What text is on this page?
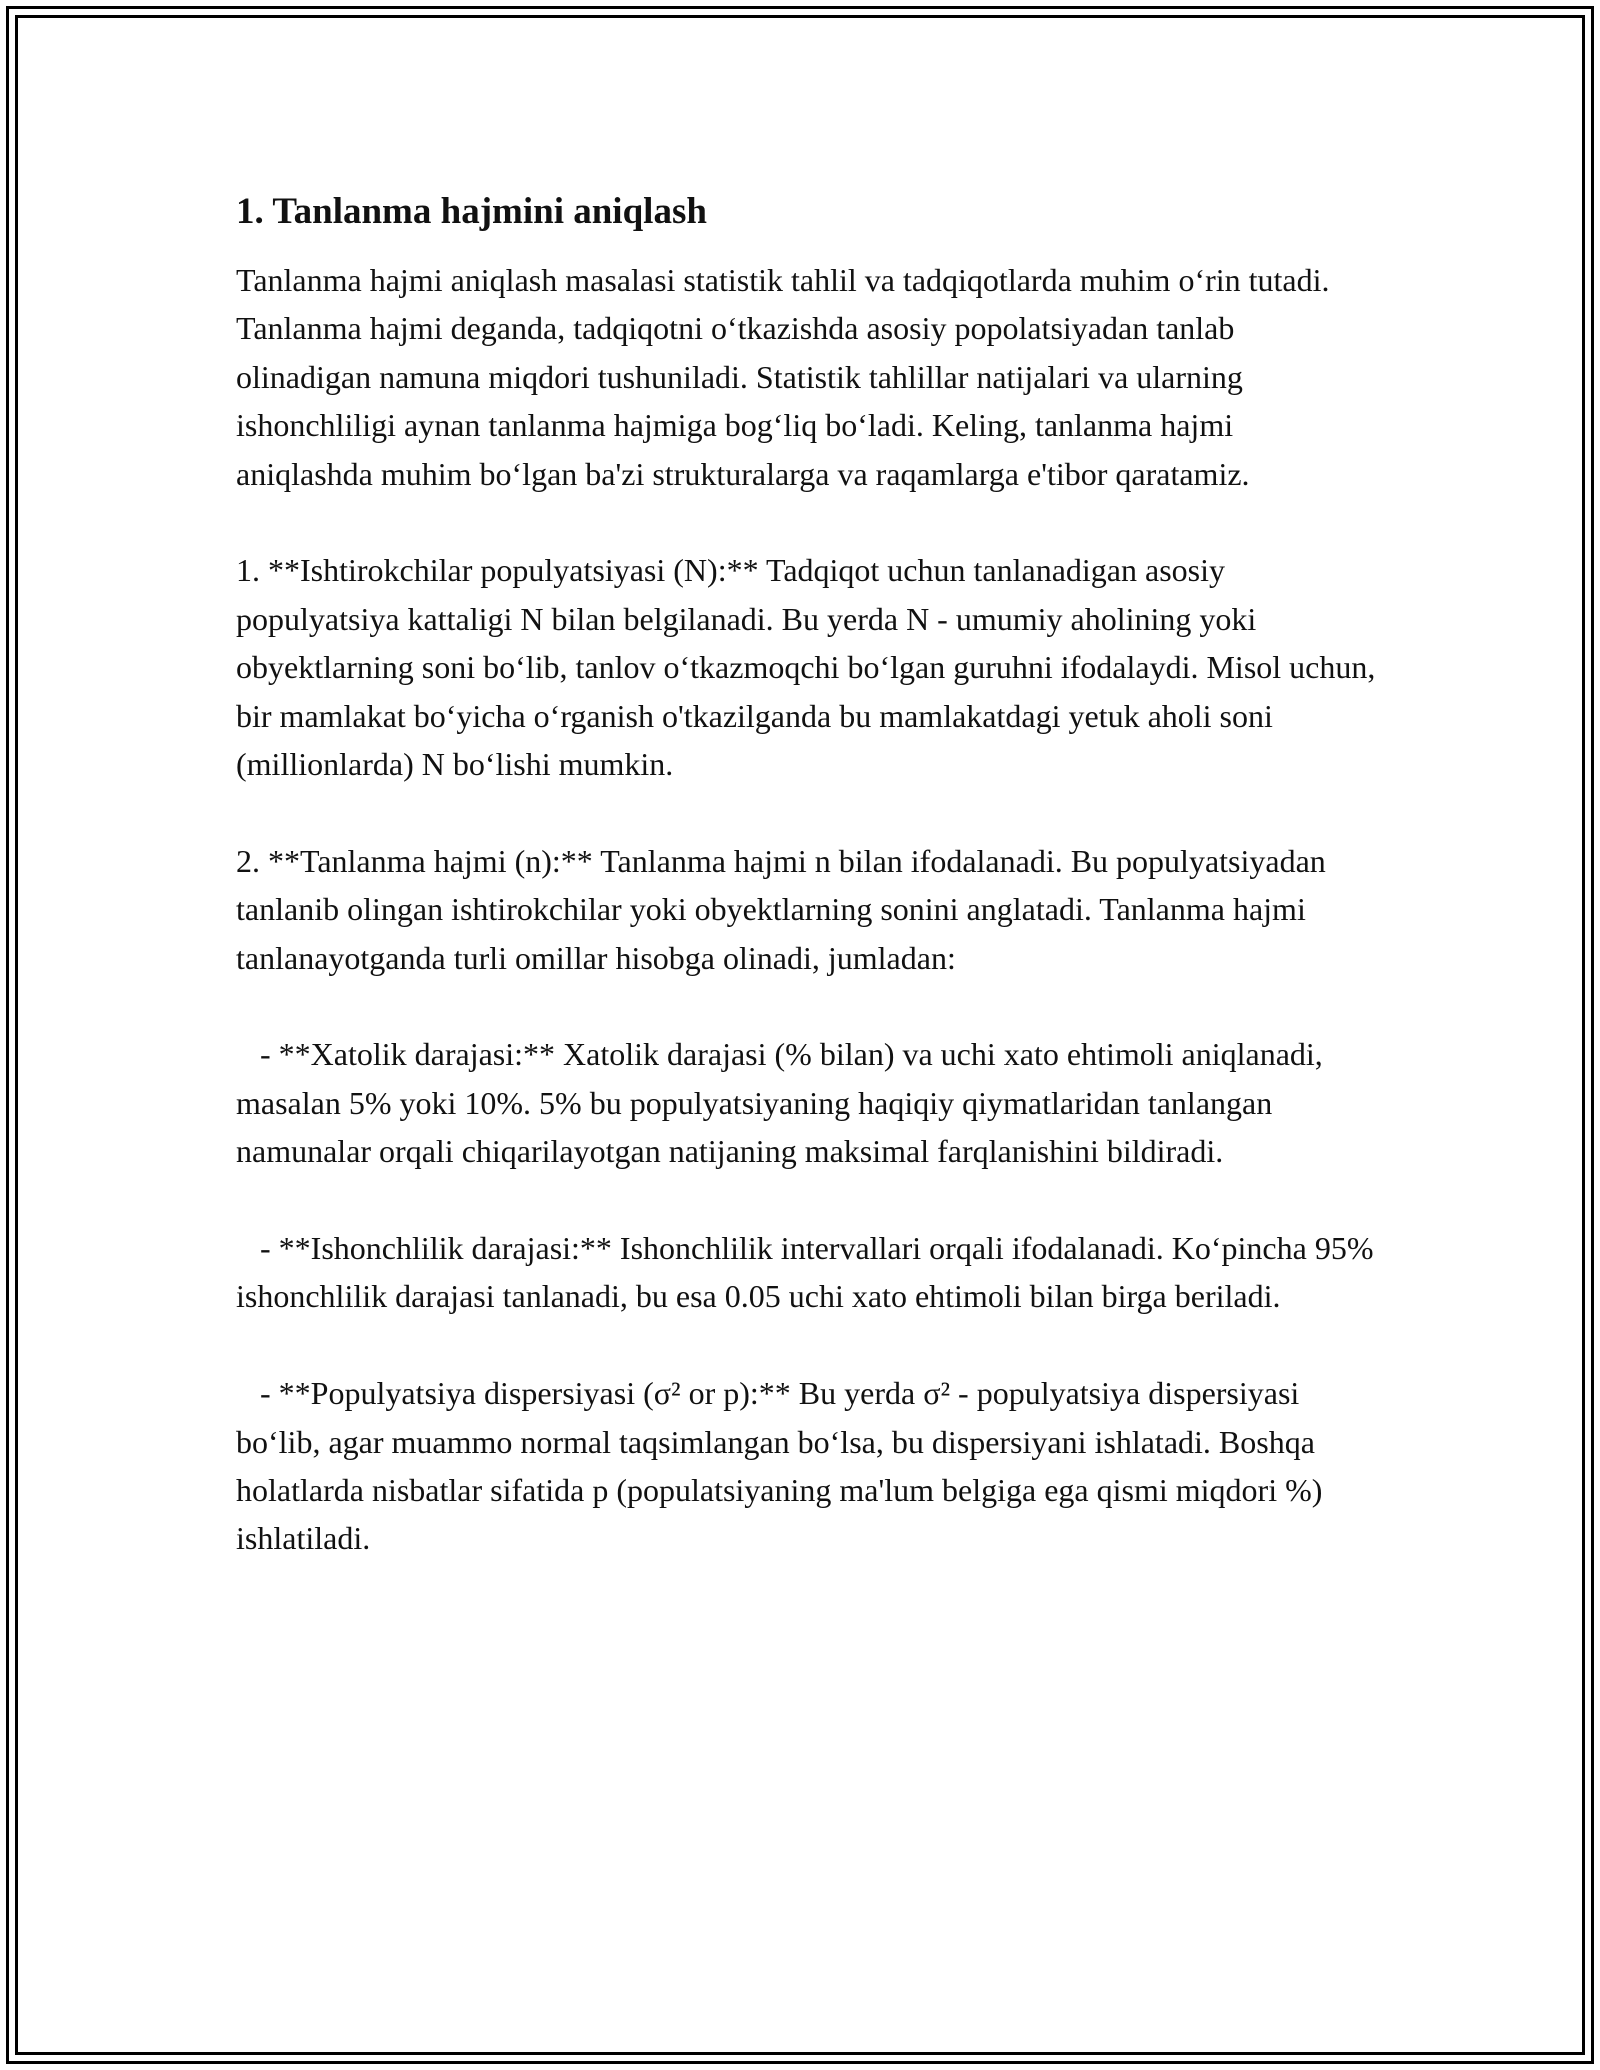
1. Tanlanma hajmini aniqlash

Tanlanma hajmi aniqlash masalasi statistik tahlil va tadqiqotlarda muhim o‘rin tutadi. Tanlanma hajmi deganda, tadqiqotni o‘tkazishda asosiy popolatsiyadan tanlab olinadigan namuna miqdori tushuniladi. Statistik tahlillar natijalari va ularning ishonchliligi aynan tanlanma hajmiga bog‘liq bo‘ladi. Keling, tanlanma hajmi aniqlashda muhim bo‘lgan ba'zi strukturalarga va raqamlarga e'tibor qaratamiz.

1. **Ishtirokchilar populyatsiyasi (N):** Tadqiqot uchun tanlanadigan asosiy populyatsiya kattaligi N bilan belgilanadi. Bu yerda N - umumiy aholining yoki obyektlarning soni bo‘lib, tanlov o‘tkazmoqchi bo‘lgan guruhni ifodalaydi. Misol uchun, bir mamlakat bo‘yicha o‘rganish o'tkazilganda bu mamlakatdagi yetuk aholi soni (millionlarda) N bo‘lishi mumkin.

2. **Tanlanma hajmi (n):** Tanlanma hajmi n bilan ifodalanadi. Bu populyatsiyadan tanlanib olingan ishtirokchilar yoki obyektlarning sonini anglatadi. Tanlanma hajmi tanlanayotganda turli omillar hisobga olinadi, jumladan:

- **Xatolik darajasi:** Xatolik darajasi (% bilan) va uchi xato ehtimoli aniqlanadi, masalan 5% yoki 10%. 5% bu populyatsiyaning haqiqiy qiymatlaridan tanlangan namunalar orqali chiqarilayotgan natijaning maksimal farqlanishini bildiradi.

- **Ishonchlilik darajasi:** Ishonchlilik intervallari orqali ifodalanadi. Ko‘pincha 95% ishonchlilik darajasi tanlanadi, bu esa 0.05 uchi xato ehtimoli bilan birga beriladi.

- **Populyatsiya dispersiyasi (σ² or p):** Bu yerda σ² - populyatsiya dispersiyasi bo‘lib, agar muammo normal taqsimlangan bo‘lsa, bu dispersiyani ishlatadi. Boshqa holatlarda nisbatlar sifatida p (populatsiyaning ma'lum belgiga ega qismi miqdori %) ishlatiladi.
